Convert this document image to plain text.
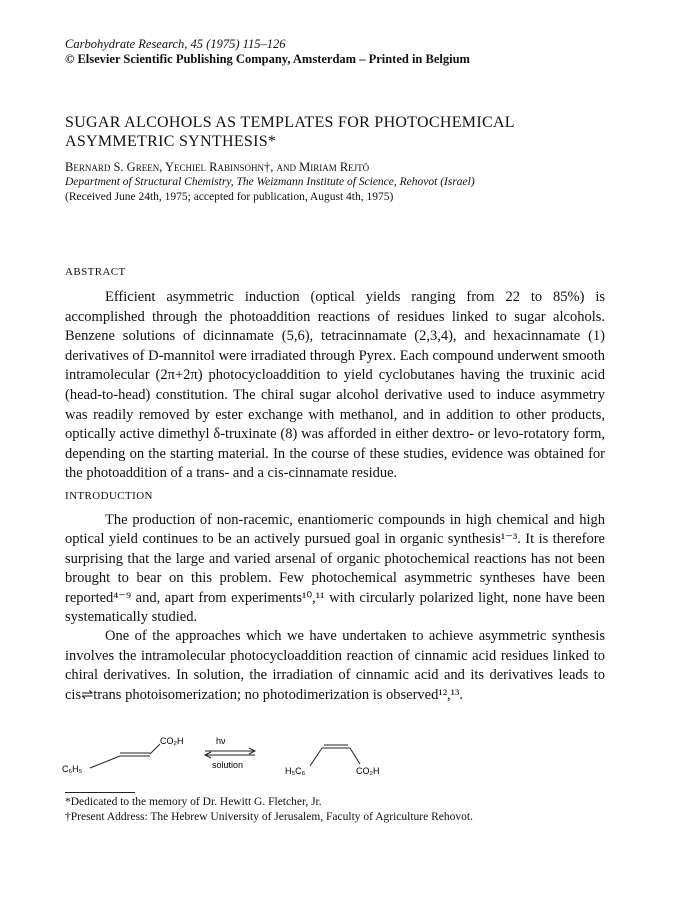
Carbohydrate Research, 45 (1975) 115–126
© Elsevier Scientific Publishing Company, Amsterdam – Printed in Belgium
SUGAR ALCOHOLS AS TEMPLATES FOR PHOTOCHEMICAL
ASYMMETRIC SYNTHESIS*
Bernard S. Green, Yechiel Rabinsohn†, and Miriam Rejtö
Department of Structural Chemistry, The Weizmann Institute of Science, Rehovot (Israel)
(Received June 24th, 1975; accepted for publication, August 4th, 1975)
ABSTRACT
Efficient asymmetric induction (optical yields ranging from 22 to 85%) is accomplished through the photoaddition reactions of residues linked to sugar alcohols. Benzene solutions of dicinnamate (5,6), tetracinnamate (2,3,4), and hexacinnamate (1) derivatives of D-mannitol were irradiated through Pyrex. Each compound underwent smooth intramolecular (2π+2π) photocycloaddition to yield cyclobutanes having the truxinic acid (head-to-head) constitution. The chiral sugar alcohol derivative used to induce asymmetry was readily removed by ester exchange with methanol, and in addition to other products, optically active dimethyl δ-truxinate (8) was afforded in either dextro- or levo-rotatory form, depending on the starting material. In the course of these studies, evidence was obtained for the photoaddition of a trans- and a cis-cinnamate residue.
INTRODUCTION

The production of non-racemic, enantiomeric compounds in high chemical and high optical yield continues to be an actively pursued goal in organic synthesis¹⁻³. It is therefore surprising that the large and varied arsenal of organic photochemical reactions has not been brought to bear on this problem. Few photochemical asymmetric syntheses have been reported⁴⁻⁹ and, apart from experiments¹⁰,¹¹ with circularly polarized light, none have been systematically studied.

One of the approaches which we have undertaken to achieve asymmetric synthesis involves the intramolecular photocycloaddition reaction of cinnamic acid residues linked to chiral derivatives. In solution, the irradiation of cinnamic acid and its derivatives leads to cis⇌trans photoisomerization; no photodimerization is observed¹²,¹³.

C₆H₅
CO₂H	hν
solution
H₅C₆	CO₂H
*Dedicated to the memory of Dr. Hewitt G. Fletcher, Jr.
†Present Address: The Hebrew University of Jerusalem, Faculty of Agriculture Rehovot.
